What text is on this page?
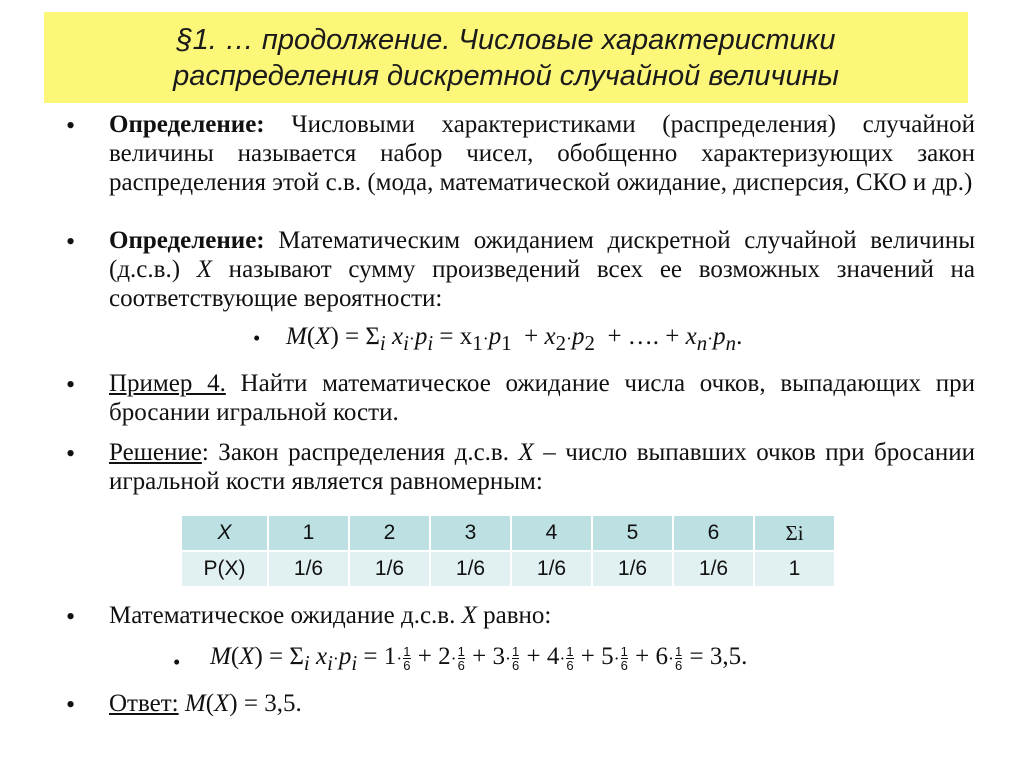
§1. … продолжение. Числовые характеристики
распределения дискретной случайной величины
• Определение: Числовыми характеристиками (распределения) случайной величины называется набор чисел, обобщенно характеризующих закон распределения этой с.в. (мода, математической ожидание, дисперсия, СКО и др.)
• Определение: Математическим ожиданием дискретной случайной величины (д.с.в.) X называют сумму произведений всех ее возможных значений на соответствующие вероятности:
• $M(X) = \Sigma_i$ $x_i\cdot p_i = x_1\cdot p_1 + x_2\cdot p_2$ + …. + $x_n\cdot p_n$.
• Пример 4. Найти математическое ожидание числа очков, выпадающих при бросании игральной кости.
• Решение: Закон распределения д.с.в. X – число выпавших очков при бросании игральной кости является равномерным:
X	1	2	3	4	5	6	Σi
P(X)	1/6	1/6	1/6	1/6	1/6	1/6	1
• Математическое ожидание д.с.в. X равно:
• $M(X) = \Sigma_i$ $x_i\cdot p_i = 1\cdot \frac{1}{6} + 2\cdot \frac{1}{6} + 3\cdot \frac{1}{6} + 4\cdot \frac{1}{6} + 5\cdot \frac{1}{6} + 6\cdot \frac{1}{6} = 3,5$.
• Ответ: M(X) = 3,5.
